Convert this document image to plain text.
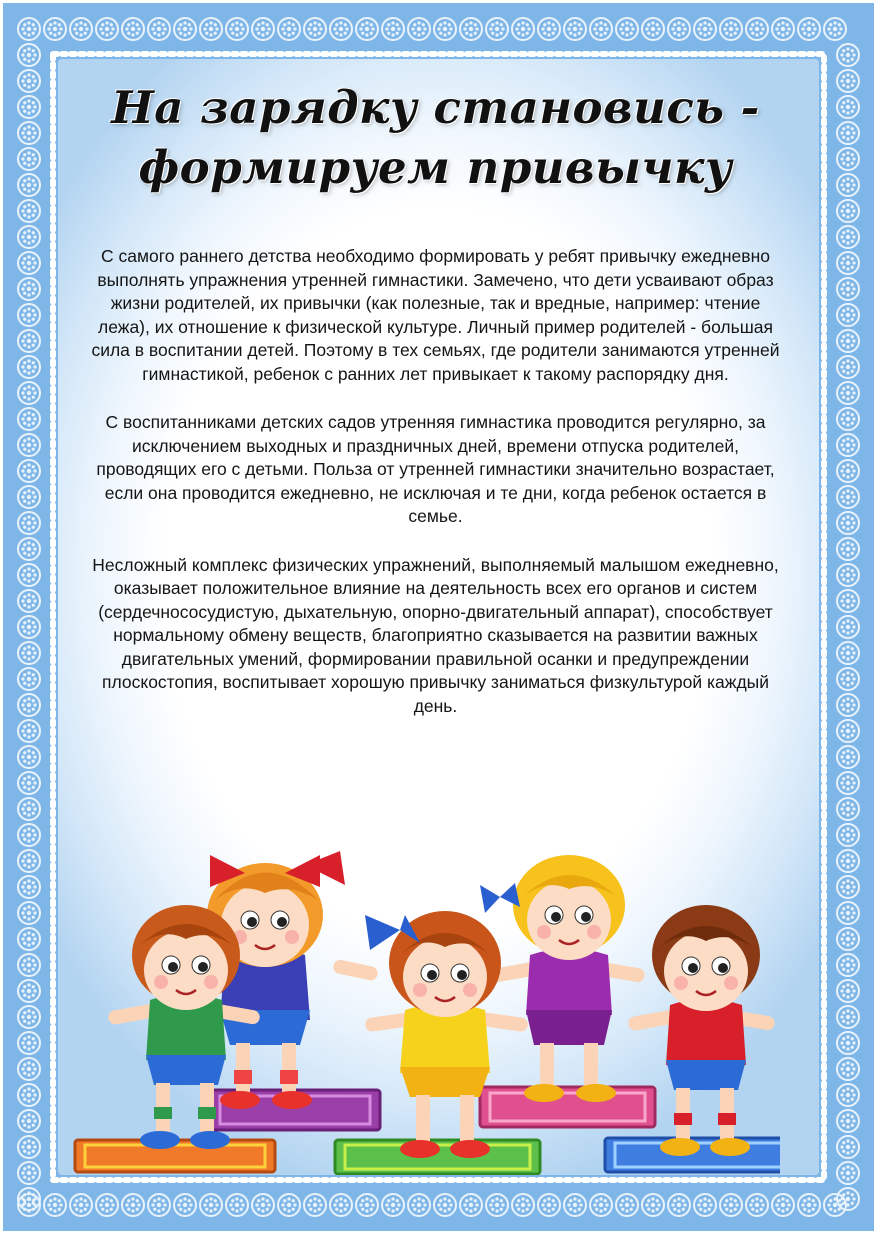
На зарядку становись - формируем привычку

С самого раннего детства необходимо формировать у ребят привычку ежедневно выполнять упражнения утренней гимнастики. Замечено, что дети усваивают образ жизни родителей, их привычки (как полезные, так и вредные, например: чтение лежа), их отношение к физической культуре. Личный пример родителей - большая сила в воспитании детей. Поэтому в тех семьях, где родители занимаются утренней гимнастикой, ребенок с ранних лет привыкает к такому распорядку дня.

С воспитанниками детских садов утренняя гимнастика проводится регулярно, за исключением выходных и праздничных дней, времени отпуска родителей, проводящих его с детьми. Польза от утренней гимнастики значительно возрастает, если она проводится ежедневно, не исключая и те дни, когда ребенок остается в семье.

Несложный комплекс физических упражнений, выполняемый малышом ежедневно, оказывает положительное влияние на деятельность всех его органов и систем (сердечнососудистую, дыхательную, опорно-двигательный аппарат), способствует нормальному обмену веществ, благоприятно сказывается на развитии важных двигательных умений, формировании правильной осанки и предупреждении плоскостопия, воспитывает хорошую привычку заниматься физкультурой каждый день.
